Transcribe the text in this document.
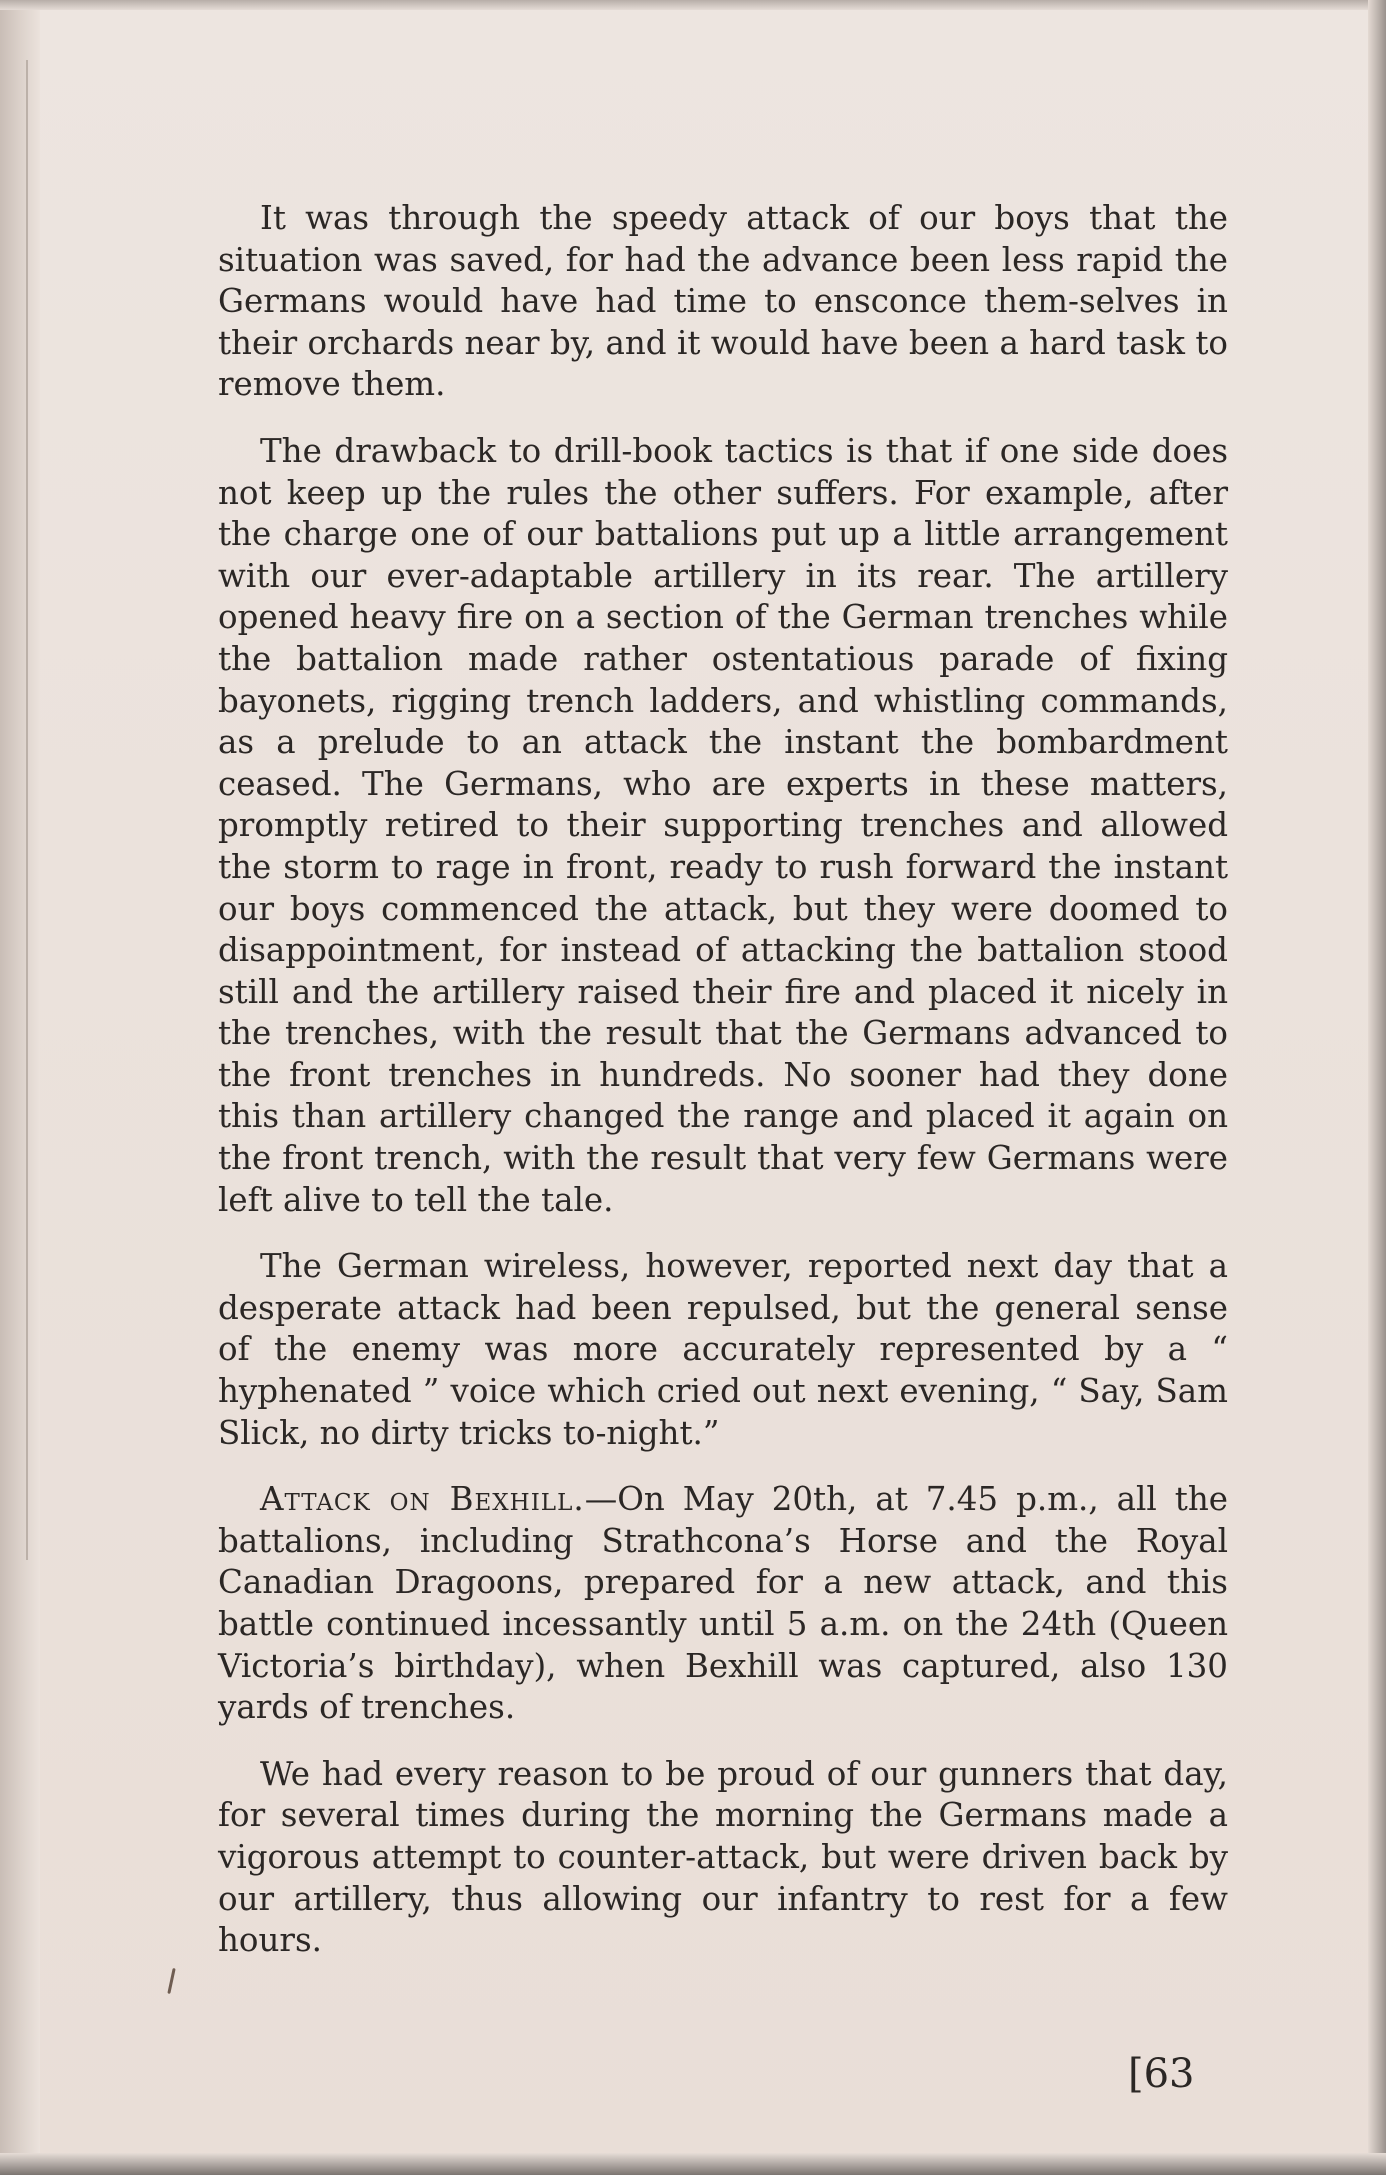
It was through the speedy attack of our boys that the situation was saved, for had the advance been less rapid the Germans would have had time to ensconce them-selves in their orchards near by, and it would have been a hard task to remove them.

The drawback to drill-book tactics is that if one side does not keep up the rules the other suffers. For example, after the charge one of our battalions put up a little arrangement with our ever-adaptable artillery in its rear. The artillery opened heavy fire on a section of the German trenches while the battalion made rather ostentatious parade of fixing bayonets, rigging trench ladders, and whistling commands, as a prelude to an attack the instant the bombardment ceased. The Germans, who are experts in these matters, promptly retired to their supporting trenches and allowed the storm to rage in front, ready to rush forward the instant our boys commenced the attack, but they were doomed to disappointment, for instead of attacking the battalion stood still and the artillery raised their fire and placed it nicely in the trenches, with the result that the Germans advanced to the front trenches in hundreds. No sooner had they done this than artillery changed the range and placed it again on the front trench, with the result that very few Germans were left alive to tell the tale.

The German wireless, however, reported next day that a desperate attack had been repulsed, but the general sense of the enemy was more accurately represented by a “ hyphenated ” voice which cried out next evening, “ Say, Sam Slick, no dirty tricks to-night.”

Attack on Bexhill.—On May 20th, at 7.45 p.m., all the battalions, including Strathcona’s Horse and the Royal Canadian Dragoons, prepared for a new attack, and this battle continued incessantly until 5 a.m. on the 24th (Queen Victoria’s birthday), when Bexhill was captured, also 130 yards of trenches.

We had every reason to be proud of our gunners that day, for several times during the morning the Germans made a vigorous attempt to counter-attack, but were driven back by our artillery, thus allowing our infantry to rest for a few hours.

[63
